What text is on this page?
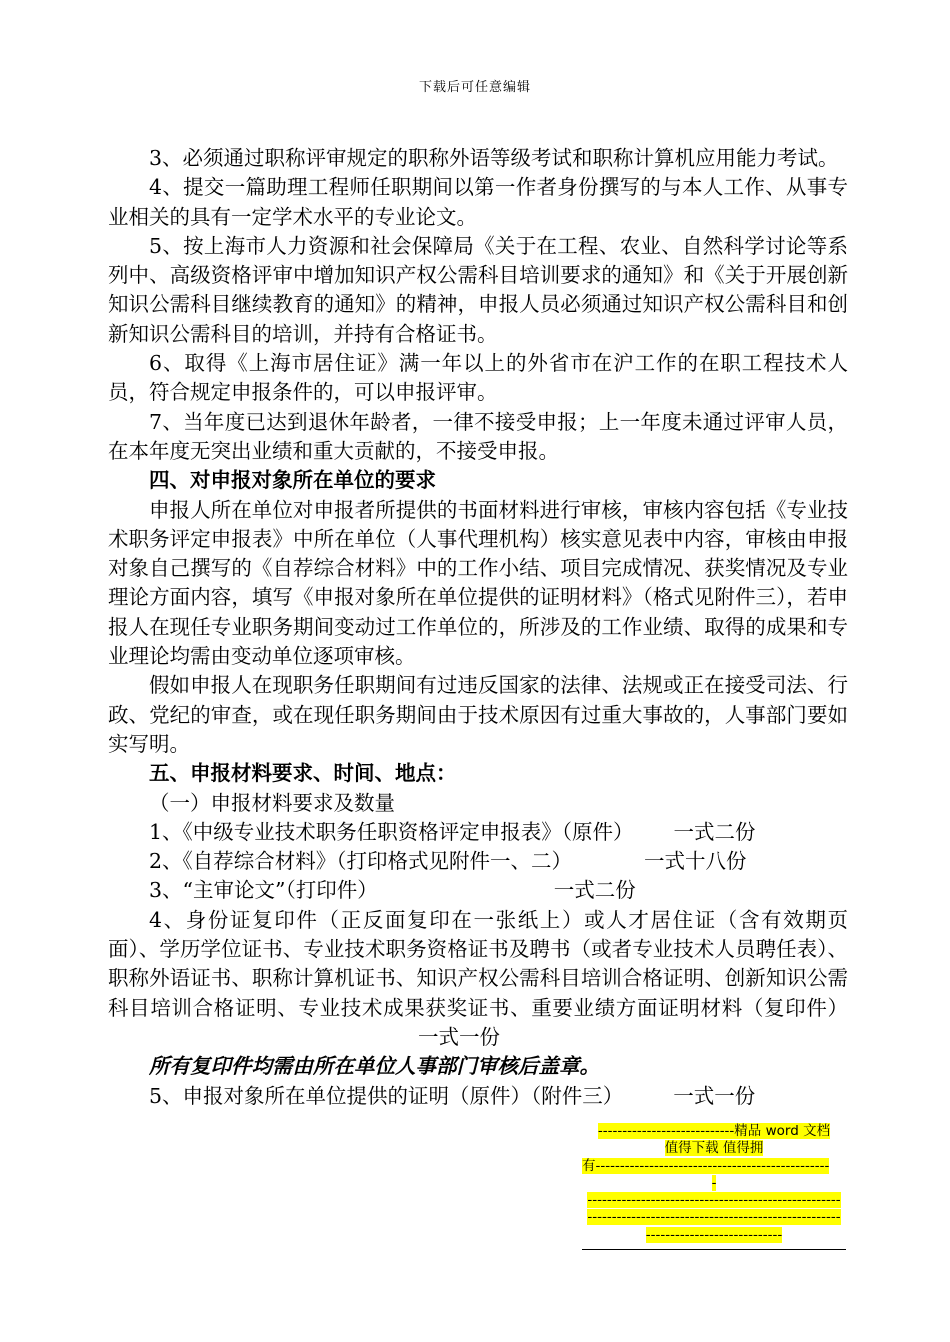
下载后可任意编辑

3、必须通过职称评审规定的职称外语等级考试和职称计算机应用能力考试。

4、提交一篇助理工程师任职期间以第一作者身份撰写的与本人工作、从事专业相关的具有一定学术水平的专业论文。

5、按上海市人力资源和社会保障局《关于在工程、农业、自然科学讨论等系列中、高级资格评审中增加知识产权公需科目培训要求的通知》和《关于开展创新知识公需科目继续教育的通知》的精神，申报人员必须通过知识产权公需科目和创新知识公需科目的培训，并持有合格证书。

6、取得《上海市居住证》满一年以上的外省市在沪工作的在职工程技术人员，符合规定申报条件的，可以申报评审。

7、当年度已达到退休年龄者，一律不接受申报；上一年度未通过评审人员，在本年度无突出业绩和重大贡献的，不接受申报。

四、对申报对象所在单位的要求

申报人所在单位对申报者所提供的书面材料进行审核，审核内容包括《专业技术职务评定申报表》中所在单位（人事代理机构）核实意见表中内容，审核由申报对象自己撰写的《自荐综合材料》中的工作小结、项目完成情况、获奖情况及专业理论方面内容，填写《申报对象所在单位提供的证明材料》（格式见附件三），若申报人在现任专业职务期间变动过工作单位的，所涉及的工作业绩、取得的成果和专业理论均需由变动单位逐项审核。

假如申报人在现职务任职期间有过违反国家的法律、法规或正在接受司法、行政、党纪的审查，或在现任职务期间由于技术原因有过重大事故的，人事部门要如实写明。

五、申报材料要求、时间、地点：

（一）申报材料要求及数量

1、《中级专业技术职务任职资格评定申报表》（原件） 一式二份

2、《自荐综合材料》（打印格式见附件一、二）	一式十八份

3、“主审论文”（打印件）	一式二份

4、身份证复印件（正反面复印在一张纸上）或人才居住证（含有效期页面）、学历学位证书、专业技术职务资格证书及聘书（或者专业技术人员聘任表）、职称外语证书、职称计算机证书、知识产权公需科目培训合格证明、创新知识公需科目培训合格证明、专业技术成果获奖证书、重要业绩方面证明材料（复印件）一式一份

所有复印件均需由所在单位人事部门审核后盖章。

5、申报对象所在单位提供的证明（原件）（附件三） 一式一份

----------------------------精品 word 文档
值得下载 值得拥
有------------------------------------------------
-
----------------------------------------------------
----------------------------------------------------
----------------------------
